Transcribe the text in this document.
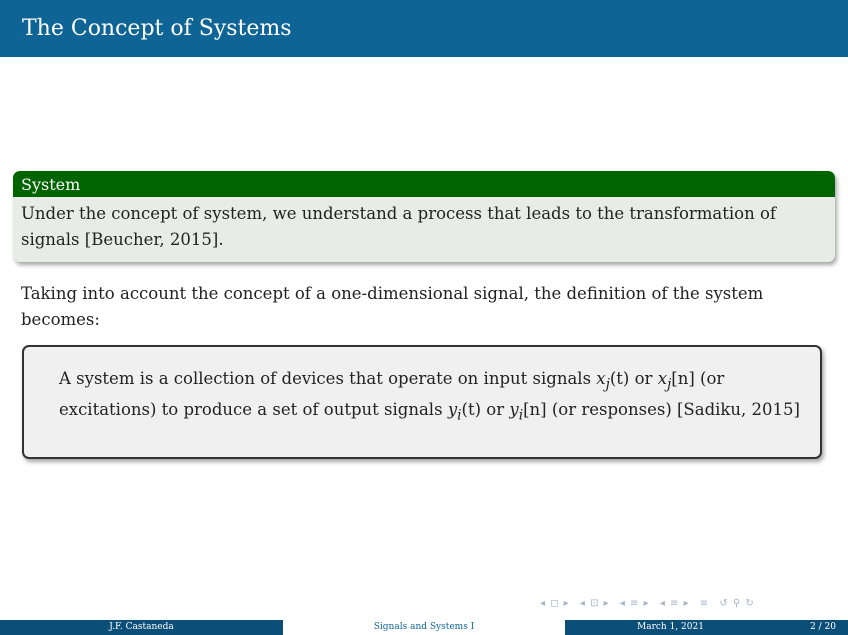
The Concept of Systems
System
Under the concept of system, we understand a process that leads to the transformation of signals [Beucher, 2015].
Taking into account the concept of a one-dimensional signal, the definition of the system becomes:
A system is a collection of devices that operate on input signals $x_j(t)$ or $x_j[n]$ (or excitations) to produce a set of output signals $y_i(t)$ or $y_i[n]$ (or responses) [Sadiku, 2015]
◂ ◻ ▸ ◂ ⊡ ▸ ◂ ≡ ▸ ◂ ≡ ▸ ≡ ↺ ⚲ ↻
J.F. Castaneda	Signals and Systems I	March 1, 2021	2 / 20
